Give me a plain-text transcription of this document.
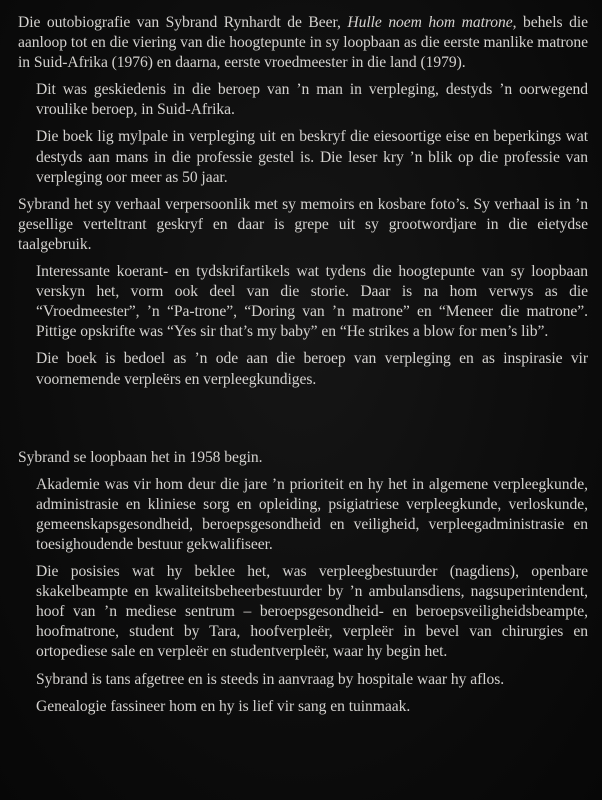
Die outobiografie van Sybrand Rynhardt de Beer, Hulle noem hom matrone, behels die aanloop tot en die viering van die hoogtepunte in sy loopbaan as die eerste manlike matrone in Suid-Afrika (1976) en daarna, eerste vroedmeester in die land (1979).

Dit was geskiedenis in die beroep van ’n man in verpleging, destyds ’n oorwegend vroulike beroep, in Suid-Afrika.

Die boek lig mylpale in verpleging uit en beskryf die eiesoortige eise en beperkings wat destyds aan mans in die professie gestel is. Die leser kry ’n blik op die professie van verpleging oor meer as 50 jaar.

Sybrand het sy verhaal verpersoonlik met sy memoirs en kosbare foto’s. Sy verhaal is in ’n gesellige verteltrant geskryf en daar is grepe uit sy grootwordjare in die eietydse taalgebruik.

Interessante koerant- en tydskrifartikels wat tydens die hoogtepunte van sy loopbaan verskyn het, vorm ook deel van die storie. Daar is na hom verwys as die “Vroedmeester”, ’n “Pa-trone”, “Doring van ’n matrone” en “Meneer die matrone”. Pittige opskrifte was “Yes sir that’s my baby” en “He strikes a blow for men’s lib”.

Die boek is bedoel as ’n ode aan die beroep van verpleging en as inspirasie vir voornemende verpleërs en verpleegkundiges.

Sybrand se loopbaan het in 1958 begin.

Akademie was vir hom deur die jare ’n prioriteit en hy het in algemene verpleegkunde, administrasie en kliniese sorg en opleiding, psigiatriese verpleegkunde, verloskunde, gemeenskapsgesondheid, beroepsgesondheid en veiligheid, verpleegadministrasie en toesighoudende bestuur gekwalifiseer.

Die posisies wat hy beklee het, was verpleegbestuurder (nagdiens), openbare skakelbeampte en kwaliteitsbeheerbestuurder by ’n ambulansdiens, nagsuperintendent, hoof van ’n mediese sentrum – beroepsgesondheid- en beroepsveiligheidsbeampte, hoofmatrone, student by Tara, hoofverpleër, verpleër in bevel van chirurgies en ortopediese sale en verpleër en studentverpleër, waar hy begin het.

Sybrand is tans afgetree en is steeds in aanvraag by hospitale waar hy aflos.

Genealogie fassineer hom en hy is lief vir sang en tuinmaak.
